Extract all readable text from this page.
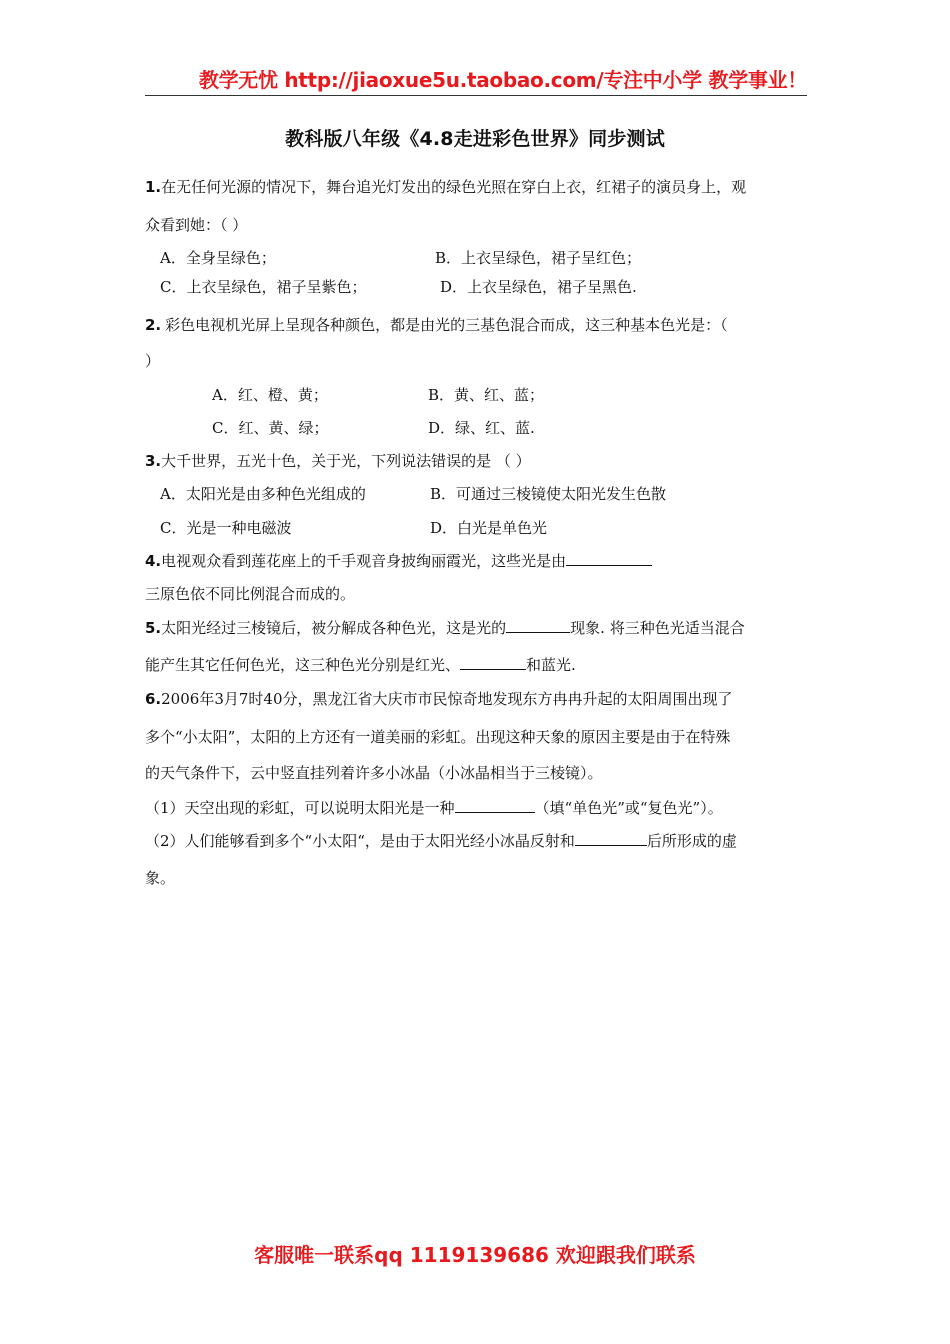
教学无忧 http://jiaoxue5u.taobao.com/专注中小学 教学事业！
教科版八年级《4.8走进彩色世界》同步测试
1.在无任何光源的情况下，舞台追光灯发出的绿色光照在穿白上衣，红裙子的演员身上，观
众看到她：（ ）
A．全身呈绿色；	B．上衣呈绿色，裙子呈红色；
C．上衣呈绿色，裙子呈紫色；	D．上衣呈绿色，裙子呈黑色.
2. 彩色电视机光屏上呈现各种颜色，都是由光的三基色混合而成，这三种基本色光是：（
）
A．红、橙、黄；	B．黄、红、蓝；
C．红、黄、绿；	D．绿、红、蓝.
3.大千世界，五光十色，关于光，下列说法错误的是 （ ）
A．太阳光是由多种色光组成的	B．可通过三棱镜使太阳光发生色散
C．光是一种电磁波	D．白光是单色光
4.电视观众看到莲花座上的千手观音身披绚丽霞光，这些光是由
三原色依不同比例混合而成的。
5.太阳光经过三棱镜后，被分解成各种色光，这是光的	现象. 将三种色光适当混合
能产生其它任何色光，这三种色光分别是红光、	和蓝光.
6.2006年3月7时40分，黑龙江省大庆市市民惊奇地发现东方冉冉升起的太阳周围出现了
多个“小太阳”，太阳的上方还有一道美丽的彩虹。出现这种天象的原因主要是由于在特殊
的天气条件下，云中竖直挂列着许多小冰晶（小冰晶相当于三棱镜）。
（1）天空出现的彩虹，可以说明太阳光是一种	（填“单色光”或“复色光”）。
（2）人们能够看到多个“小太阳“，是由于太阳光经小冰晶反射和	后所形成的虚
象。
客服唯一联系qq 1119139686 欢迎跟我们联系
